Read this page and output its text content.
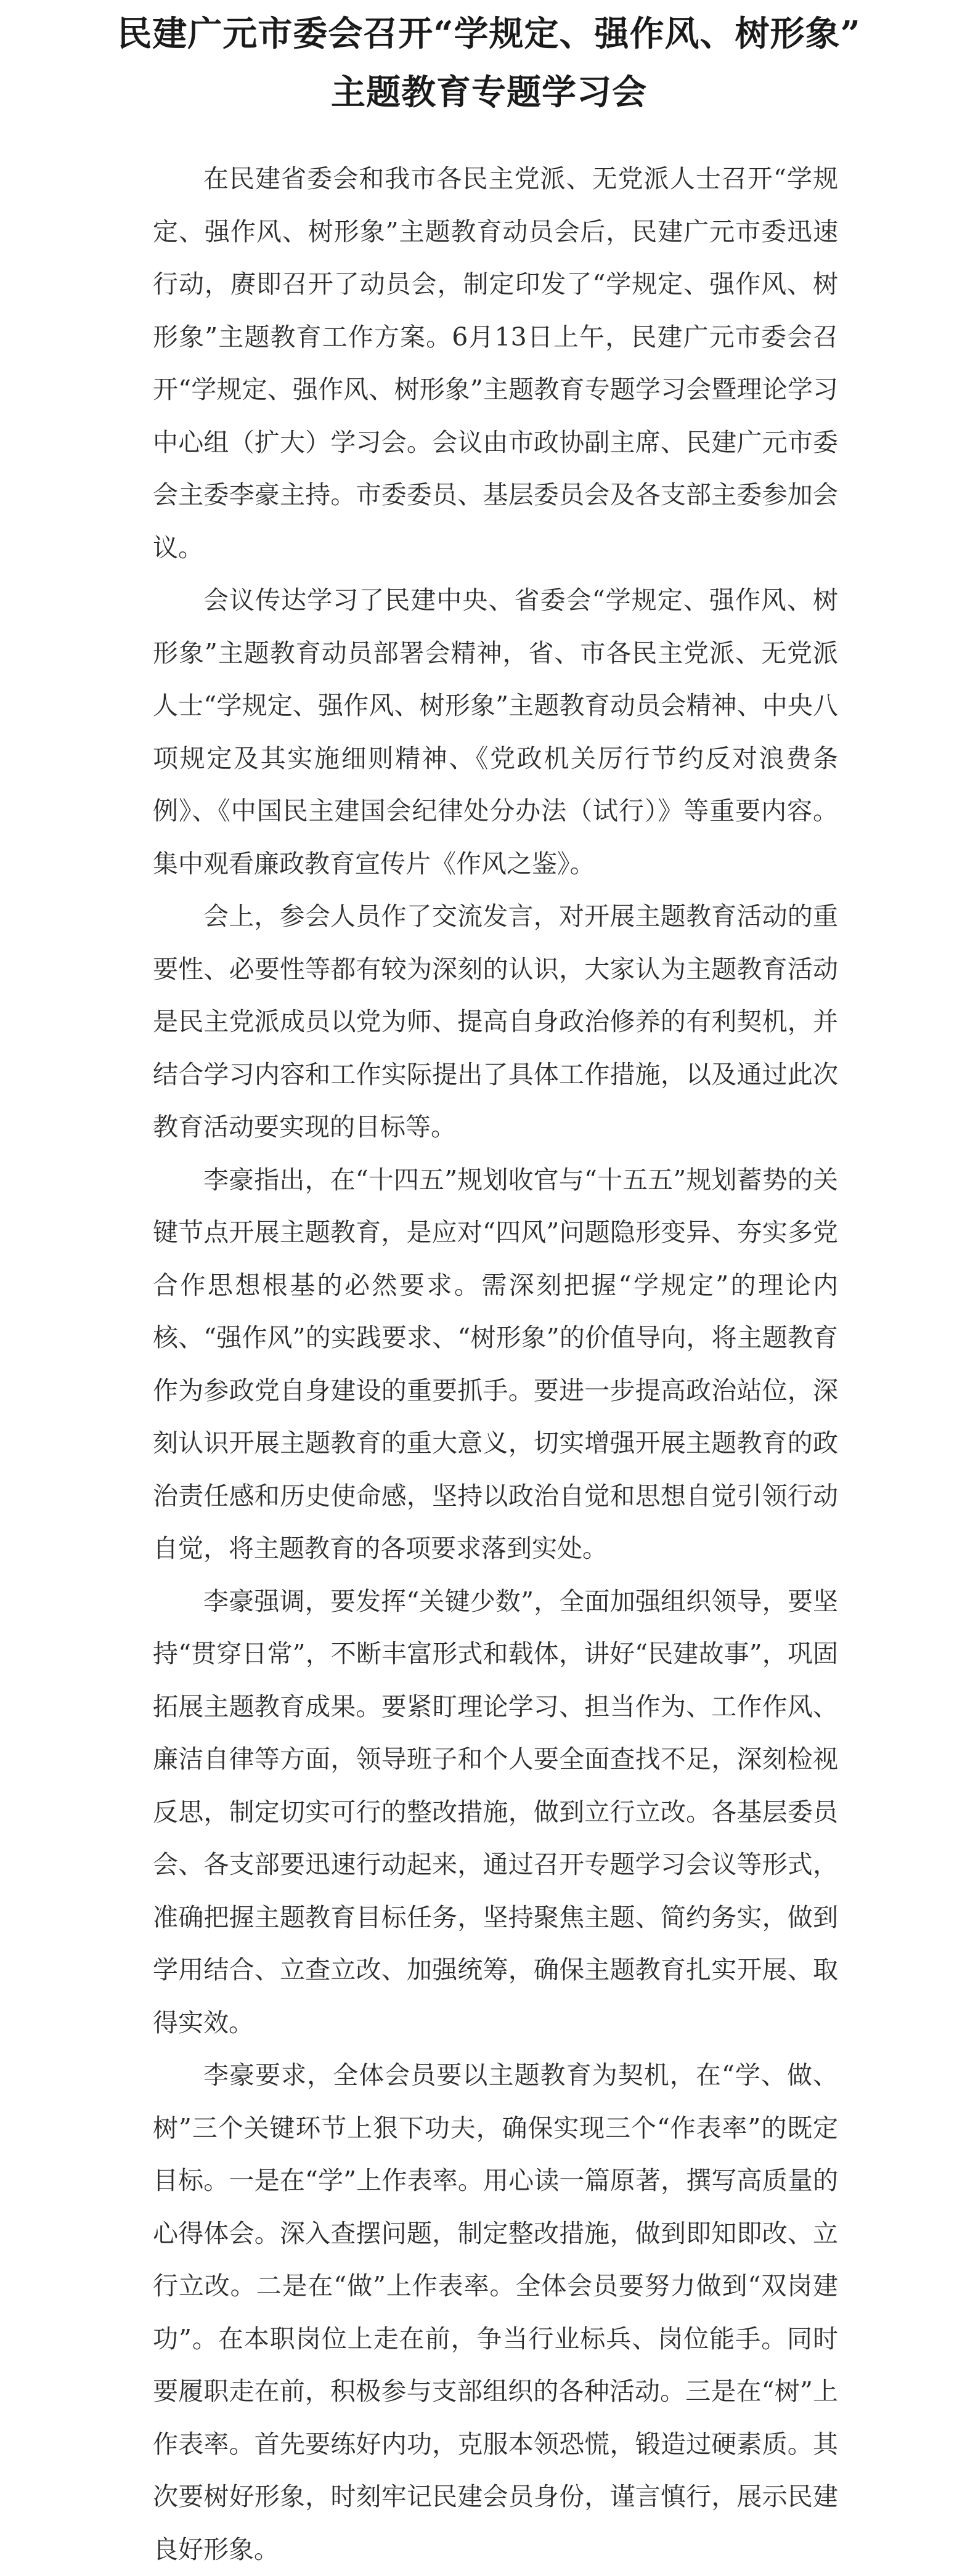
民建广元市委会召开“学规定、强作风、树形象”
主题教育专题学习会

在民建省委会和我市各民主党派、无党派人士召开“学规定、强作风、树形象”主题教育动员会后，民建广元市委迅速行动，赓即召开了动员会，制定印发了“学规定、强作风、树形象”主题教育工作方案。6月13日上午，民建广元市委会召开“学规定、强作风、树形象”主题教育专题学习会暨理论学习中心组（扩大）学习会。会议由市政协副主席、民建广元市委会主委李豪主持。市委委员、基层委员会及各支部主委参加会议。

会议传达学习了民建中央、省委会“学规定、强作风、树形象”主题教育动员部署会精神，省、市各民主党派、无党派人士“学规定、强作风、树形象”主题教育动员会精神、中央八项规定及其实施细则精神、《党政机关厉行节约反对浪费条例》、《中国民主建国会纪律处分办法（试行）》等重要内容。集中观看廉政教育宣传片《作风之鉴》。

会上，参会人员作了交流发言，对开展主题教育活动的重要性、必要性等都有较为深刻的认识，大家认为主题教育活动是民主党派成员以党为师、提高自身政治修养的有利契机，并结合学习内容和工作实际提出了具体工作措施，以及通过此次教育活动要实现的目标等。

李豪指出，在“十四五”规划收官与“十五五”规划蓄势的关键节点开展主题教育，是应对“四风”问题隐形变异、夯实多党合作思想根基的必然要求。需深刻把握“学规定”的理论内核、“强作风”的实践要求、“树形象”的价值导向，将主题教育作为参政党自身建设的重要抓手。要进一步提高政治站位，深刻认识开展主题教育的重大意义，切实增强开展主题教育的政治责任感和历史使命感，坚持以政治自觉和思想自觉引领行动自觉，将主题教育的各项要求落到实处。

李豪强调，要发挥“关键少数”，全面加强组织领导，要坚持“贯穿日常”，不断丰富形式和载体，讲好“民建故事”，巩固拓展主题教育成果。要紧盯理论学习、担当作为、工作作风、廉洁自律等方面，领导班子和个人要全面查找不足，深刻检视反思，制定切实可行的整改措施，做到立行立改。各基层委员会、各支部要迅速行动起来，通过召开专题学习会议等形式，准确把握主题教育目标任务，坚持聚焦主题、简约务实，做到学用结合、立查立改、加强统筹，确保主题教育扎实开展、取得实效。

李豪要求，全体会员要以主题教育为契机，在“学、做、树”三个关键环节上狠下功夫，确保实现三个“作表率”的既定目标。一是在“学”上作表率。用心读一篇原著，撰写高质量的心得体会。深入查摆问题，制定整改措施，做到即知即改、立行立改。二是在“做”上作表率。全体会员要努力做到“双岗建功”。在本职岗位上走在前，争当行业标兵、岗位能手。同时要履职走在前，积极参与支部组织的各种活动。三是在“树”上作表率。首先要练好内功，克服本领恐慌，锻造过硬素质。其次要树好形象，时刻牢记民建会员身份，谨言慎行，展示民建良好形象。
